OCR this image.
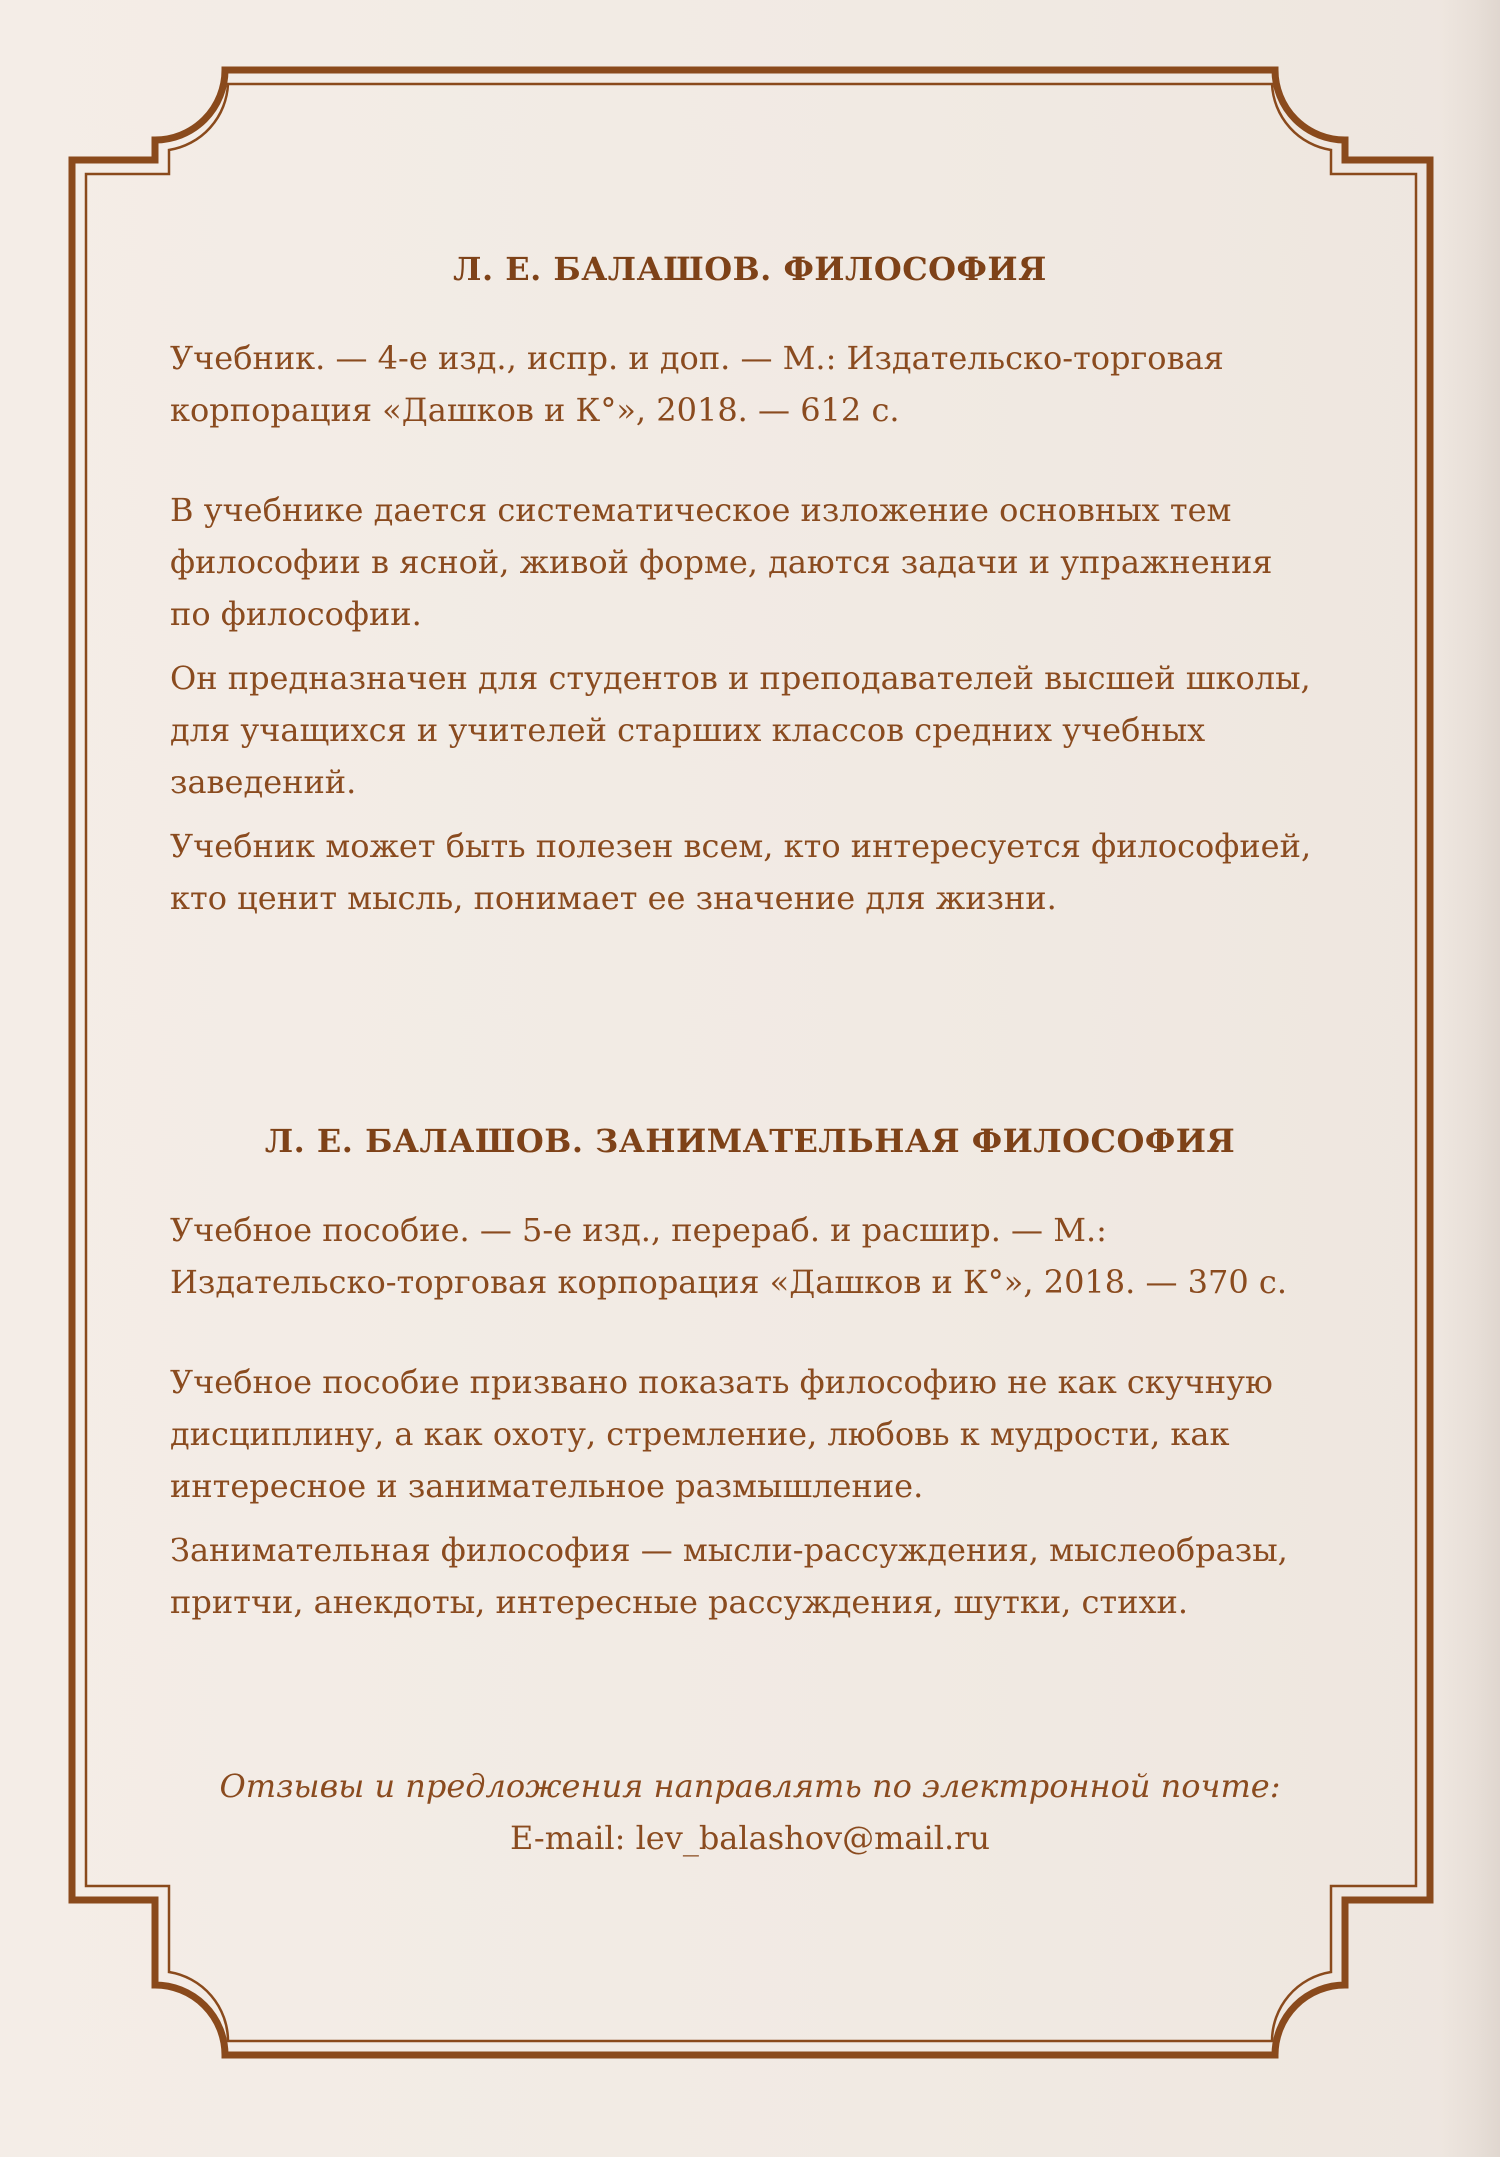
Л. Е. БАЛАШОВ. ФИЛОСОФИЯ

Учебник. — 4-е изд., испр. и доп. — М.: Издательско-торговая

корпорация «Дашков и К°», 2018. — 612 с.

В учебнике дается систематическое изложение основных тем

философии в ясной, живой форме, даются задачи и упражнения

по философии.

Он предназначен для студентов и преподавателей высшей школы,

для учащихся и учителей старших классов средних учебных

заведений.

Учебник может быть полезен всем, кто интересуется философией,

кто ценит мысль, понимает ее значение для жизни.

Л. Е. БАЛАШОВ. ЗАНИМАТЕЛЬНАЯ ФИЛОСОФИЯ

Учебное пособие. — 5-е изд., перераб. и расшир. — М.:

Издательско-торговая корпорация «Дашков и К°», 2018. — 370 с.

Учебное пособие призвано показать философию не как скучную

дисциплину, а как охоту, стремление, любовь к мудрости, как

интересное и занимательное размышление.

Занимательная философия — мысли-рассуждения, мыслеобразы,

притчи, анекдоты, интересные рассуждения, шутки, стихи.

Отзывы и предложения направлять по электронной почте:
E-mail: lev_balashov@mail.ru
